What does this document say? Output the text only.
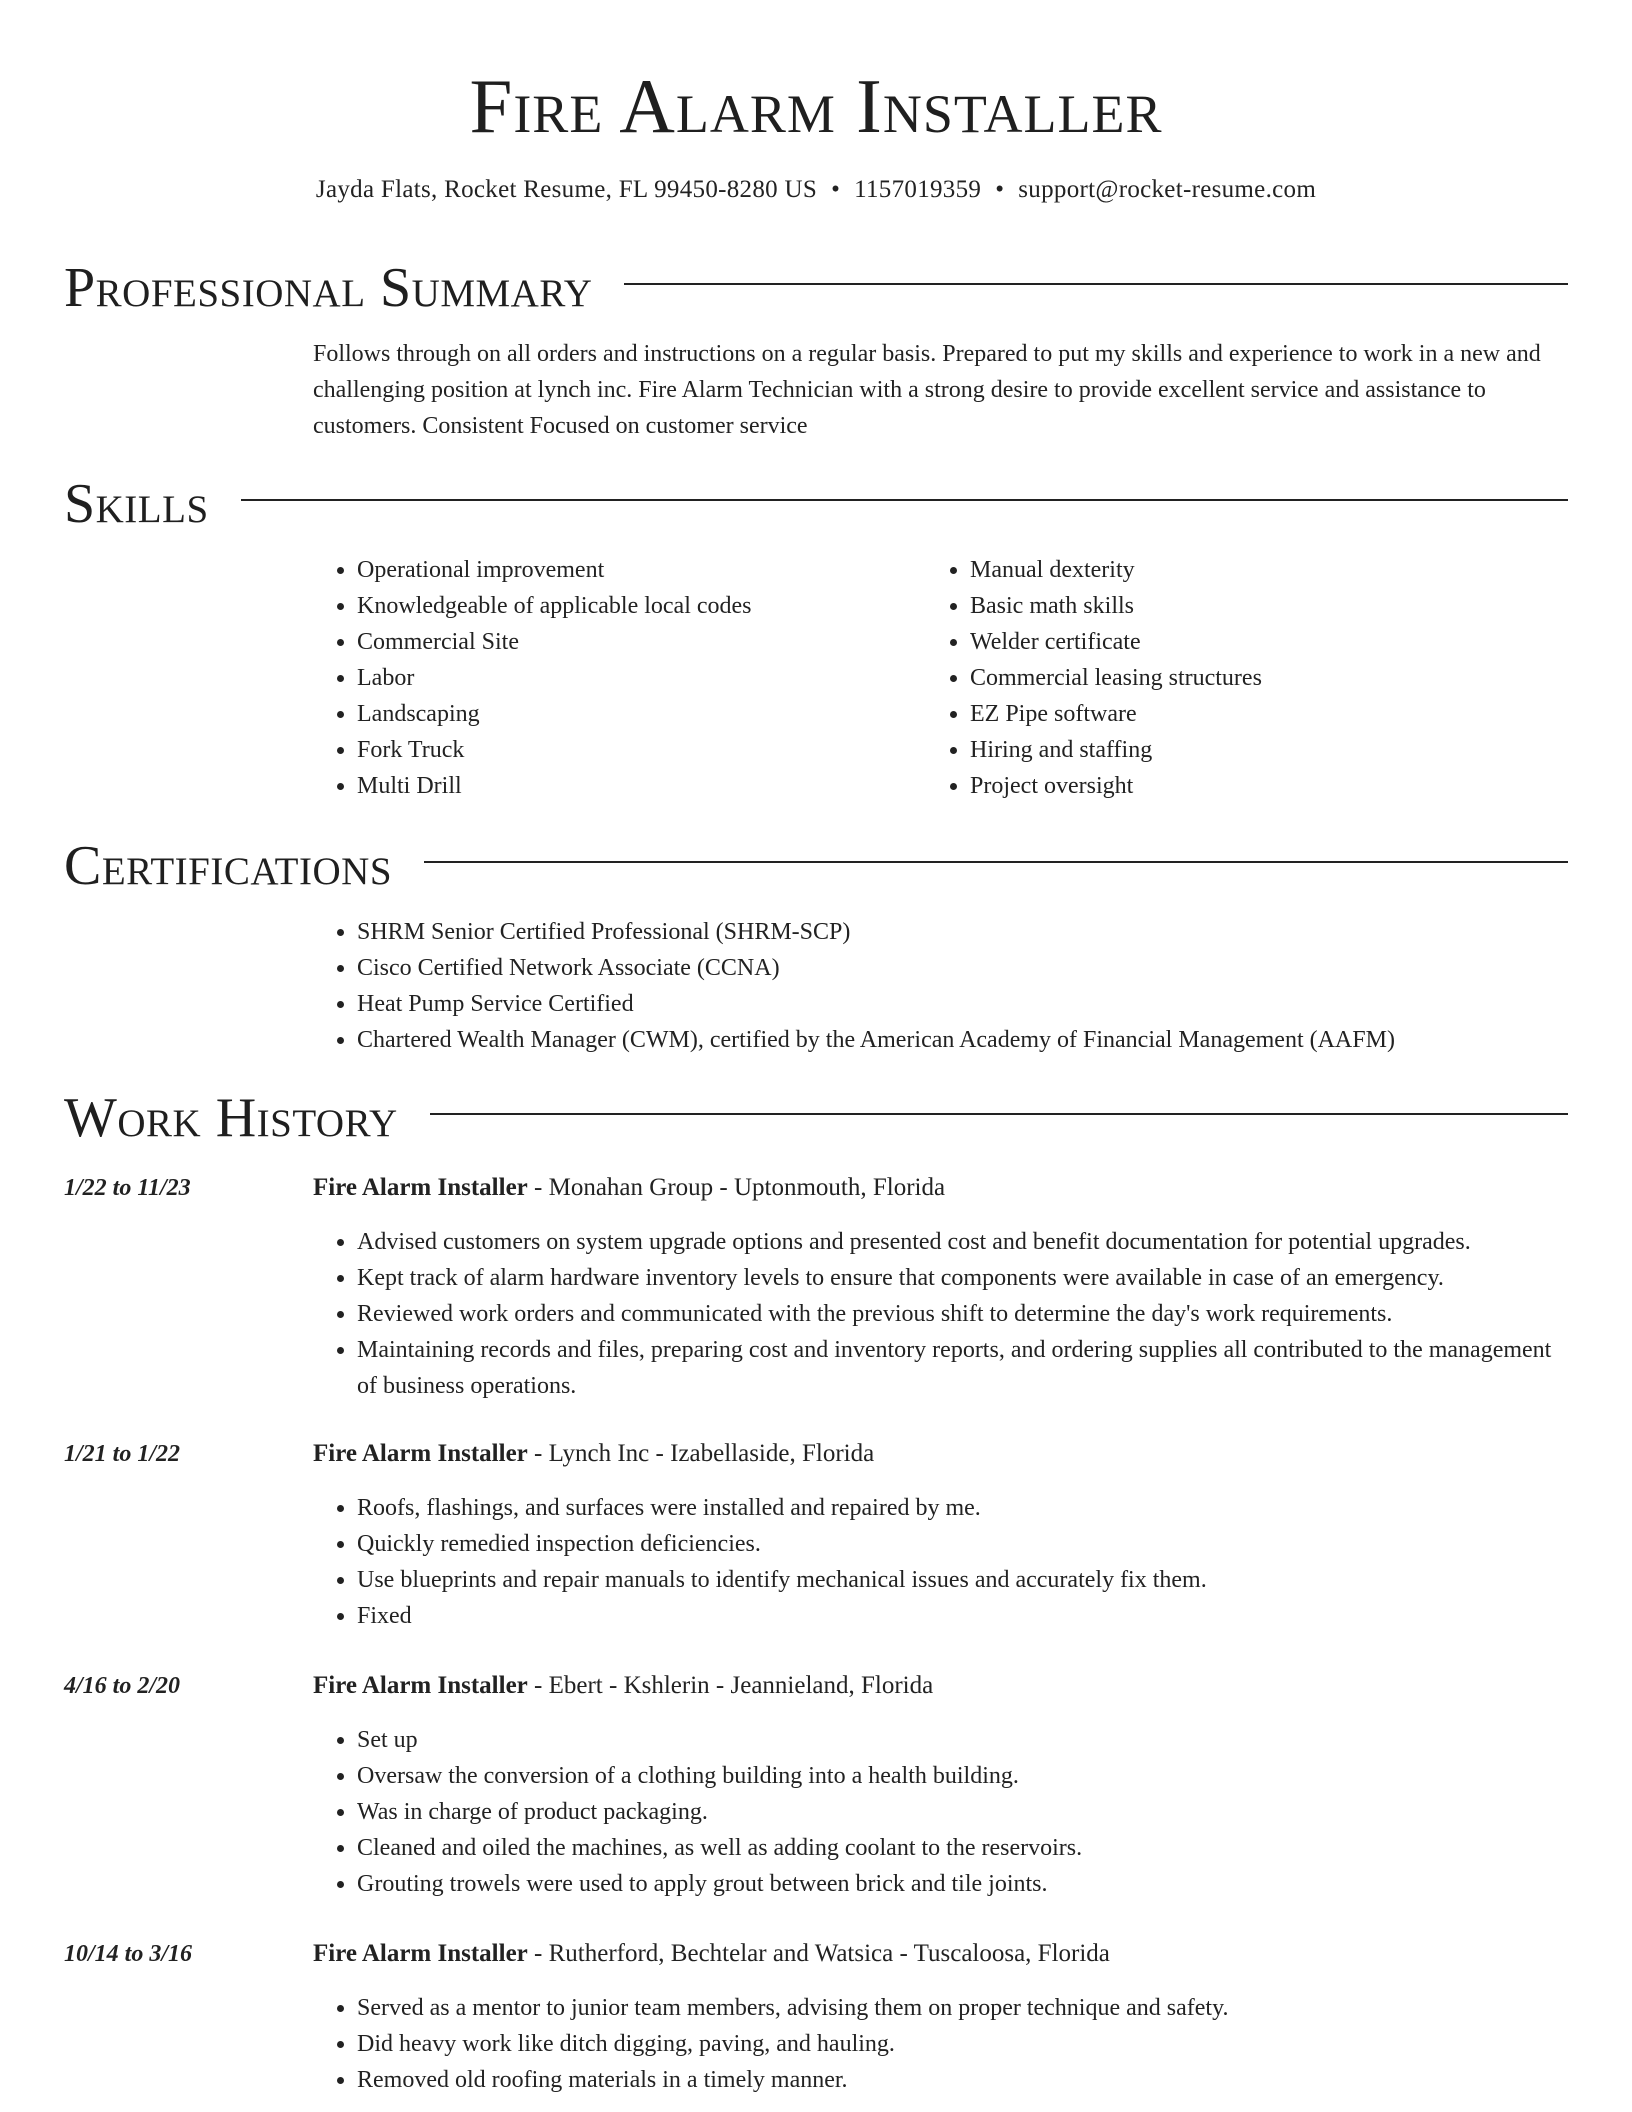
Fire Alarm Installer
Jayda Flats, Rocket Resume, FL 99450-8280 US • 1157019359 • support@rocket-resume.com
Professional Summary
Follows through on all orders and instructions on a regular basis. Prepared to put my skills and experience to work in a new and challenging position at lynch inc. Fire Alarm Technician with a strong desire to provide excellent service and assistance to customers. Consistent Focused on customer service
Skills
• Operational improvement
• Knowledgeable of applicable local codes
• Commercial Site
• Labor
• Landscaping
• Fork Truck
• Multi Drill
• Manual dexterity
• Basic math skills
• Welder certificate
• Commercial leasing structures
• EZ Pipe software
• Hiring and staffing
• Project oversight
Certifications
• SHRM Senior Certified Professional (SHRM-SCP)
• Cisco Certified Network Associate (CCNA)
• Heat Pump Service Certified
• Chartered Wealth Manager (CWM), certified by the American Academy of Financial Management (AAFM)
Work History
1/22 to 11/23	Fire Alarm Installer - Monahan Group - Uptonmouth, Florida
• Advised customers on system upgrade options and presented cost and benefit documentation for potential upgrades.
• Kept track of alarm hardware inventory levels to ensure that components were available in case of an emergency.
• Reviewed work orders and communicated with the previous shift to determine the day's work requirements.
• Maintaining records and files, preparing cost and inventory reports, and ordering supplies all contributed to the management of business operations.
1/21 to 1/22	Fire Alarm Installer - Lynch Inc - Izabellaside, Florida
• Roofs, flashings, and surfaces were installed and repaired by me.
• Quickly remedied inspection deficiencies.
• Use blueprints and repair manuals to identify mechanical issues and accurately fix them.
• Fixed
4/16 to 2/20	Fire Alarm Installer - Ebert - Kshlerin - Jeannieland, Florida
• Set up
• Oversaw the conversion of a clothing building into a health building.
• Was in charge of product packaging.
• Cleaned and oiled the machines, as well as adding coolant to the reservoirs.
• Grouting trowels were used to apply grout between brick and tile joints.
10/14 to 3/16	Fire Alarm Installer - Rutherford, Bechtelar and Watsica - Tuscaloosa, Florida
• Served as a mentor to junior team members, advising them on proper technique and safety.
• Did heavy work like ditch digging, paving, and hauling.
• Removed old roofing materials in a timely manner.
